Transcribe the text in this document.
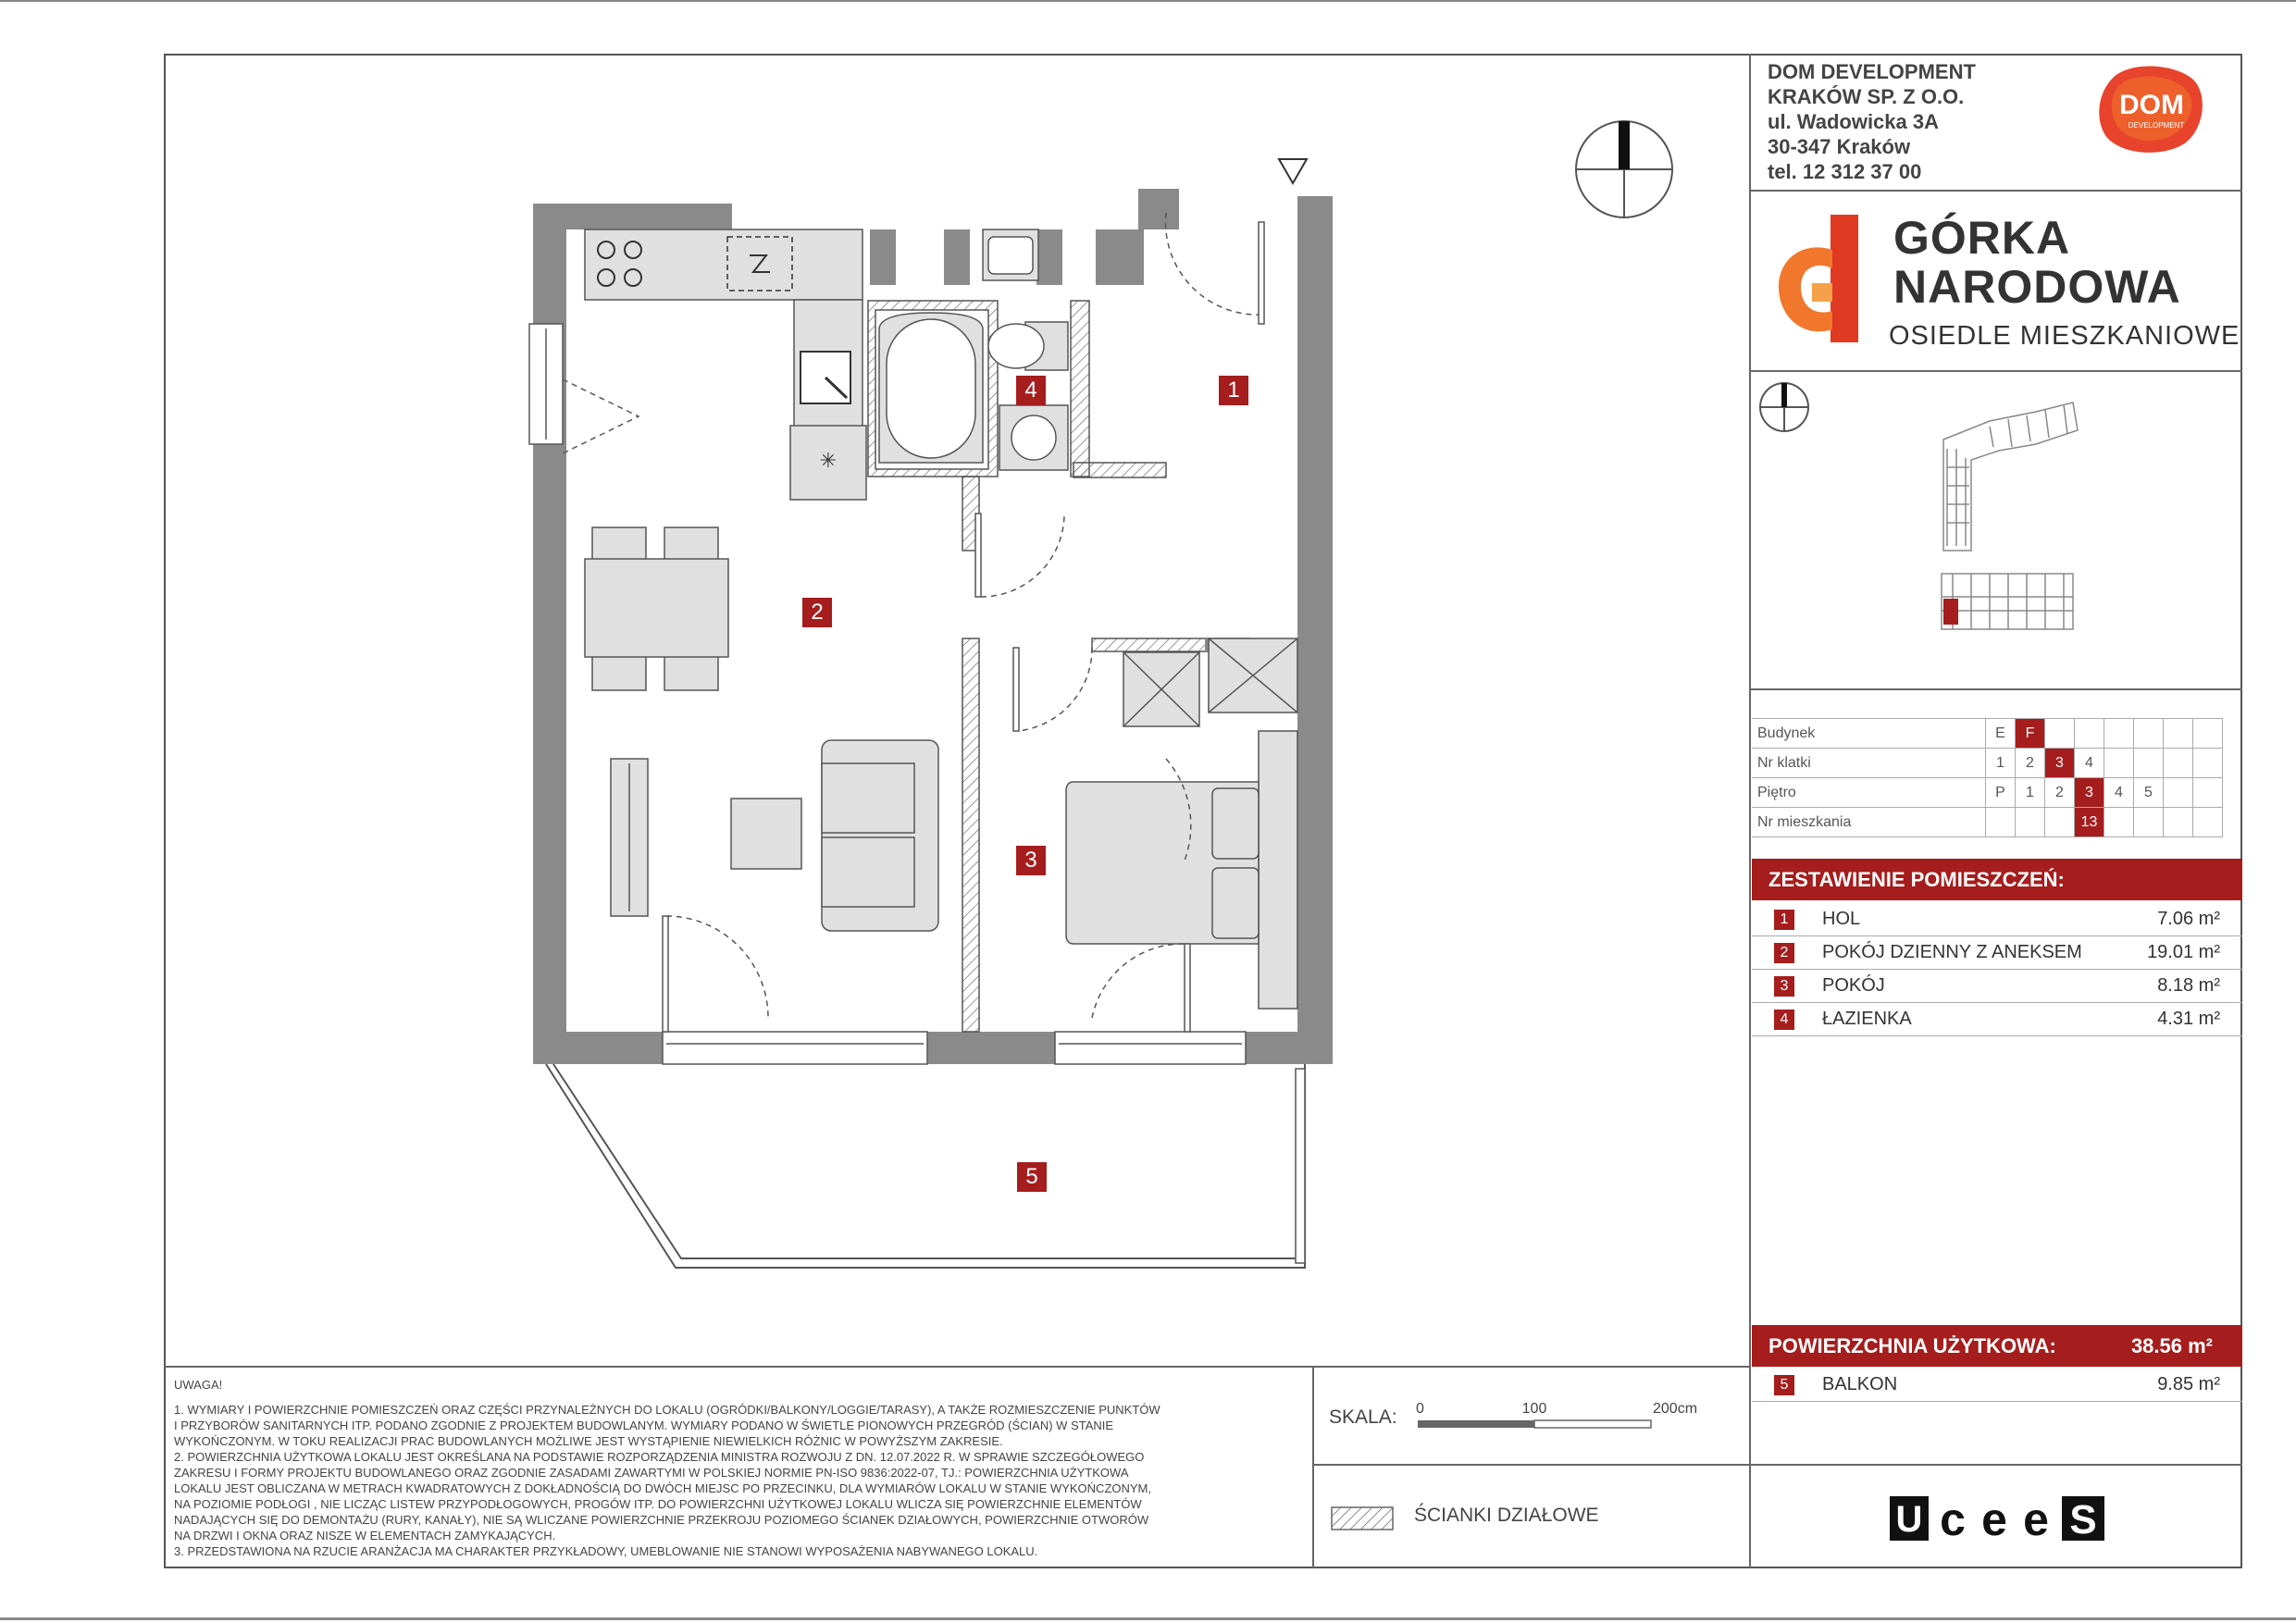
DOM DEVELOPMENT
KRAKÓW SP. Z O.O.
ul. Wadowicka 3A
30-347 Kraków
tel. 12 312 37 00
DOM
DEVELOPMENT
GÓRKA
NARODOWA
OSIEDLE MIESZKANIOWE
Budynek	E	F						
Nr klatki	1	2	3	4				
Piętro	P	1	2	3	4	5		
Nr mieszkania				13				
ZESTAWIENIE POMIESZCZEŃ:
1	HOL	7.06 m²
2	POKÓJ DZIENNY Z ANEKSEM	19.01 m²
3	POKÓJ	8.18 m²
4	ŁAZIENKA	4.31 m²
POWIERZCHNIA UŻYTKOWA:	38.56 m²
5	BALKON	9.85 m²
UWAGA!
1. WYMIARY I POWIERZCHNIE POMIESZCZEŃ ORAZ CZĘŚCI PRZYNALEŻNYCH DO LOKALU (OGRÓDKI/BALKONY/LOGGIE/TARASY), A TAKŻE ROZMIESZCZENIE PUNKTÓW
I PRZYBORÓW SANITARNYCH ITP. PODANO ZGODNIE Z PROJEKTEM BUDOWLANYM. WYMIARY PODANO W ŚWIETLE PIONOWYCH PRZEGRÓD (ŚCIAN) W STANIE
WYKOŃCZONYM. W TOKU REALIZACJI PRAC BUDOWLANYCH MOŻLIWE JEST WYSTĄPIENIE NIEWIELKICH RÓŻNIC W POWYŻSZYM ZAKRESIE.
2. POWIERZCHNIA UŻYTKOWA LOKALU JEST OKREŚLANA NA PODSTAWIE ROZPORZĄDZENIA MINISTRA ROZWOJU Z DN. 12.07.2022 R. W SPRAWIE SZCZEGÓŁOWEGO
ZAKRESU I FORMY PROJEKTU BUDOWLANEGO ORAZ ZGODNIE ZASADAMI ZAWARTYMI W POLSKIEJ NORMIE PN-ISO 9836:2022-07, TJ.: POWIERZCHNIA UŻYTKOWA
LOKALU JEST OBLICZANA W METRACH KWADRATOWYCH Z DOKŁADNOŚCIĄ DO DWÓCH MIEJSC PO PRZECINKU, DLA WYMIARÓW LOKALU W STANIE WYKOŃCZONYM,
NA POZIOMIE PODŁOGI , NIE LICZĄC LISTEW PRZYPODŁOGOWYCH, PROGÓW ITP. DO POWIERZCHNI UŻYTKOWEJ LOKALU WLICZA SIĘ POWIERZCHNIE ELEMENTÓW
NADAJĄCYCH SIĘ DO DEMONTAŻU (RURY, KANAŁY), NIE SĄ WLICZANE POWIERZCHNIE PRZEKROJU POZIOMEGO ŚCIANEK DZIAŁOWYCH, POWIERZCHNIE OTWORÓW
NA DRZWI I OKNA ORAZ NISZE W ELEMENTACH ZAMYKAJĄCYCH.
3. PRZEDSTAWIONA NA RZUCIE ARANŻACJA MA CHARAKTER PRZYKŁADOWY, UMEBLOWANIE NIE STANOWI WYPOSAŻENIA NABYWANEGO LOKALU.
SKALA: 0	100	200cm
ŚCIANKI DZIAŁOWE	U c e e S
✳
1
2
3
4
5
